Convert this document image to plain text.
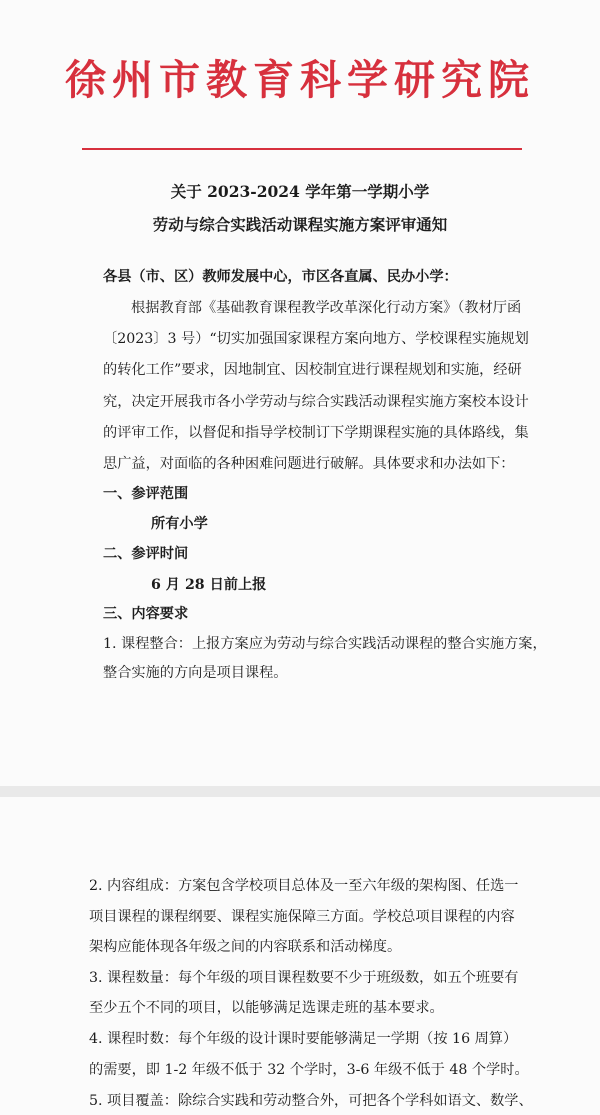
徐州市教育科学研究院
关于 2023-2024 学年第一学期小学
劳动与综合实践活动课程实施方案评审通知
各县（市、区）教师发展中心，市区各直属、民办小学：
根据教育部《基础教育课程教学改革深化行动方案》（教材厅函
〔2023〕3 号）“切实加强国家课程方案向地方、学校课程实施规划
的转化工作”要求，因地制宜、因校制宜进行课程规划和实施，经研
究，决定开展我市各小学劳动与综合实践活动课程实施方案校本设计
的评审工作，以督促和指导学校制订下学期课程实施的具体路线，集
思广益，对面临的各种困难问题进行破解。具体要求和办法如下：
一、参评范围
所有小学
二、参评时间
6 月 28 日前上报
三、内容要求
1. 课程整合：上报方案应为劳动与综合实践活动课程的整合实施方案，
整合实施的方向是项目课程。
2. 内容组成：方案包含学校项目总体及一至六年级的架构图、任选一
项目课程的课程纲要、课程实施保障三方面。学校总项目课程的内容
架构应能体现各年级之间的内容联系和活动梯度。
3. 课程数量：每个年级的项目课程数要不少于班级数，如五个班要有
至少五个不同的项目，以能够满足选课走班的基本要求。
4. 课程时数：每个年级的设计课时要能够满足一学期（按 16 周算）
的需要，即 1-2 年级不低于 32 个学时，3-6 年级不低于 48 个学时。
5. 项目覆盖：除综合实践和劳动整合外，可把各个学科如语文、数学、
